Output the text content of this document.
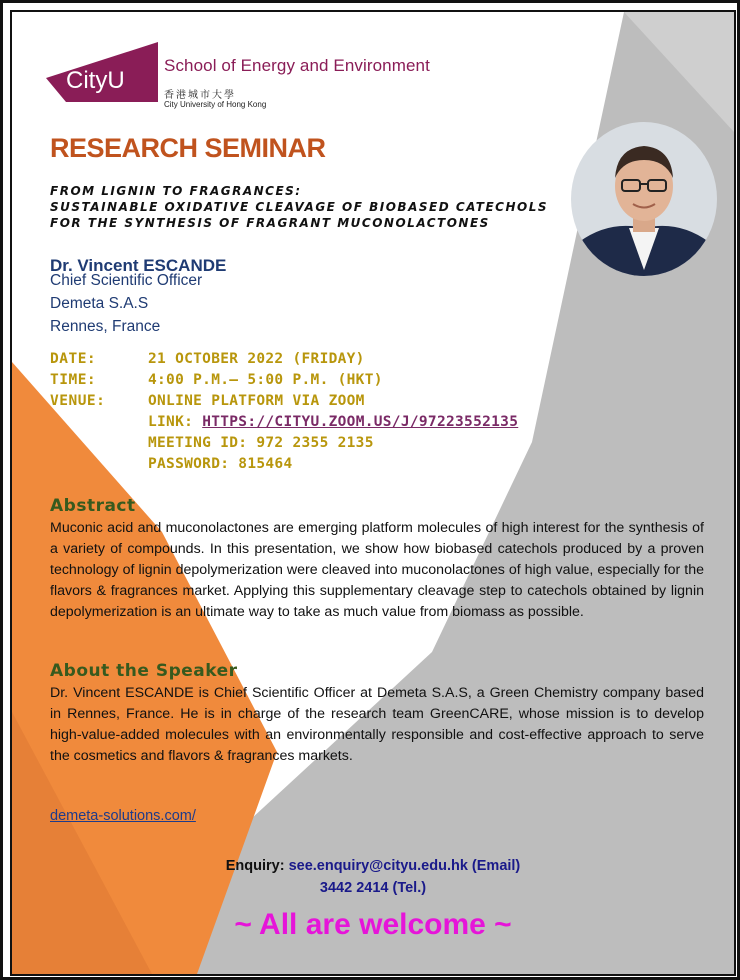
CityU
School of Energy and Environment
香港城市大學
City University of Hong Kong
RESEARCH SEMINAR
FROM LIGNIN TO FRAGRANCES:
SUSTAINABLE OXIDATIVE CLEAVAGE OF BIOBASED CATECHOLS
FOR THE SYNTHESIS OF FRAGRANT MUCONOLACTONES
Dr. Vincent ESCANDE
Chief Scientific Officer
Demeta S.A.S
Rennes, France
DATE:	21 OCTOBER 2022 (FRIDAY)
TIME:	4:00 P.M.– 5:00 P.M. (HKT)
VENUE:	ONLINE PLATFORM VIA ZOOM
LINK: HTTPS://CITYU.ZOOM.US/J/97223552135
MEETING ID: 972 2355 2135
PASSWORD: 815464
Abstract
Muconic acid and muconolactones are emerging platform molecules of high interest for the synthesis of a variety of compounds. In this presentation, we show how biobased catechols produced by a proven technology of lignin depolymerization were cleaved into muconolactones of high value, especially for the flavors & fragrances market. Applying this supplementary cleavage step to catechols obtained by lignin depolymerization is an ultimate way to take as much value from biomass as possible.
About the Speaker
Dr. Vincent ESCANDE is Chief Scientific Officer at Demeta S.A.S, a Green Chemistry company based in Rennes, France. He is in charge of the research team GreenCARE, whose mission is to develop high-value-added molecules with an environmentally responsible and cost-effective approach to serve the cosmetics and flavors & fragrances markets.
demeta-solutions.com/
Enquiry: see.enquiry@cityu.edu.hk (Email)
3442 2414 (Tel.)
~ All are welcome ~
